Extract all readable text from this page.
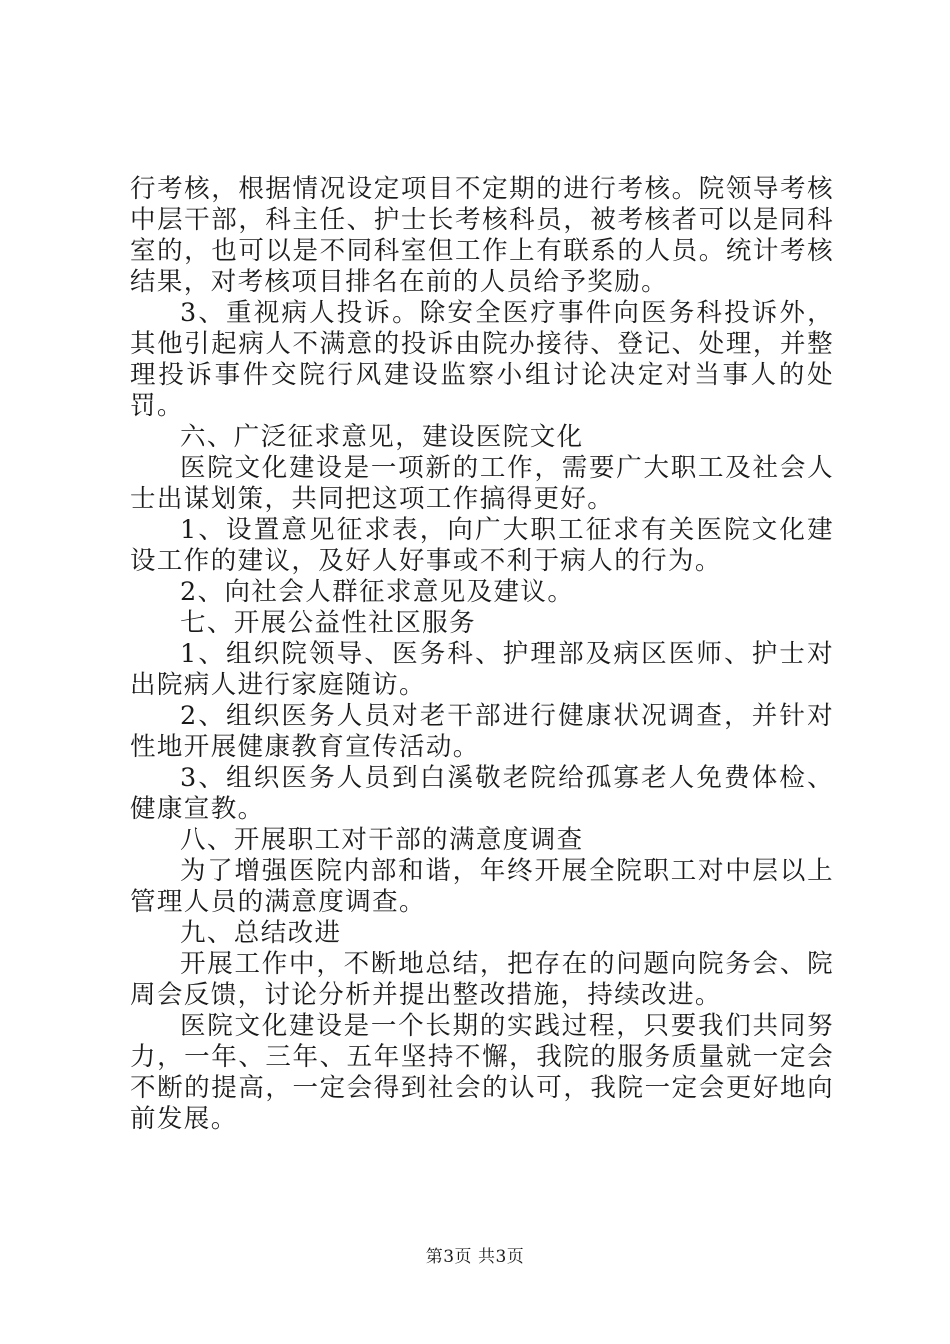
行考核，根据情况设定项目不定期的进行考核。院领导考核中层干部，科主任、护士长考核科员，被考核者可以是同科室的，也可以是不同科室但工作上有联系的人员。统计考核结果，对考核项目排名在前的人员给予奖励。

3、重视病人投诉。除安全医疗事件向医务科投诉外，其他引起病人不满意的投诉由院办接待、登记、处理，并整理投诉事件交院行风建设监察小组讨论决定对当事人的处罚。

六、广泛征求意见，建设医院文化

医院文化建设是一项新的工作，需要广大职工及社会人士出谋划策，共同把这项工作搞得更好。

1、设置意见征求表，向广大职工征求有关医院文化建设工作的建议，及好人好事或不利于病人的行为。

2、向社会人群征求意见及建议。

七、开展公益性社区服务

1、组织院领导、医务科、护理部及病区医师、护士对出院病人进行家庭随访。

2、组织医务人员对老干部进行健康状况调查，并针对性地开展健康教育宣传活动。

3、组织医务人员到白溪敬老院给孤寡老人免费体检、健康宣教。

八、开展职工对干部的满意度调查

为了增强医院内部和谐，年终开展全院职工对中层以上管理人员的满意度调查。

九、总结改进

开展工作中，不断地总结，把存在的问题向院务会、院周会反馈，讨论分析并提出整改措施，持续改进。

医院文化建设是一个长期的实践过程，只要我们共同努力，一年、三年、五年坚持不懈，我院的服务质量就一定会不断的提高，一定会得到社会的认可，我院一定会更好地向前发展。

第3页 共3页
